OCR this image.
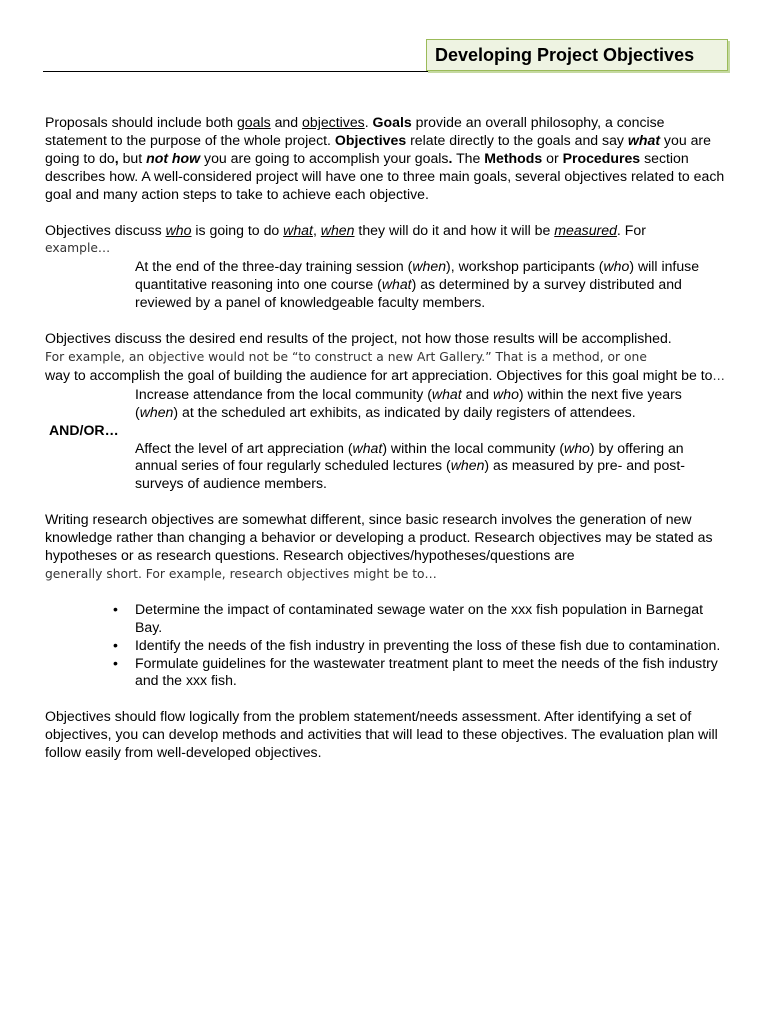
Developing Project Objectives

Proposals should include both goals and objectives. Goals provide an overall philosophy, a concise statement to the purpose of the whole project. Objectives relate directly to the goals and say what you are going to do, but not how you are going to accomplish your goals. The Methods or Procedures section describes how. A well-considered project will have one to three main goals, several objectives related to each goal and many action steps to take to achieve each objective.

Objectives discuss who is going to do what, when they will do it and how it will be measured. For
example…

At the end of the three-day training session (when), workshop participants (who) will infuse quantitative reasoning into one course (what) as determined by a survey distributed and reviewed by a panel of knowledgeable faculty members.

Objectives discuss the desired end results of the project, not how those results will be accomplished.
For example, an objective would not be “to construct a new Art Gallery.” That is a method, or one
way to accomplish the goal of building the audience for art appreciation. Objectives for this goal might be to…

Increase attendance from the local community (what and who) within the next five years (when) at the scheduled art exhibits, as indicated by daily registers of attendees.

AND/OR…

Affect the level of art appreciation (what) within the local community (who) by offering an annual series of four regularly scheduled lectures (when) as measured by pre- and post-surveys of audience members.

Writing research objectives are somewhat different, since basic research involves the generation of new knowledge rather than changing a behavior or developing a product. Research objectives may be stated as hypotheses or as research questions. Research objectives/hypotheses/questions are
generally short. For example, research objectives might be to…

• Determine the impact of contaminated sewage water on the xxx fish population in Barnegat Bay.
• Identify the needs of the fish industry in preventing the loss of these fish due to contamination.
• Formulate guidelines for the wastewater treatment plant to meet the needs of the fish industry and the xxx fish.

Objectives should flow logically from the problem statement/needs assessment. After identifying a set of objectives, you can develop methods and activities that will lead to these objectives. The evaluation plan will follow easily from well-developed objectives.
